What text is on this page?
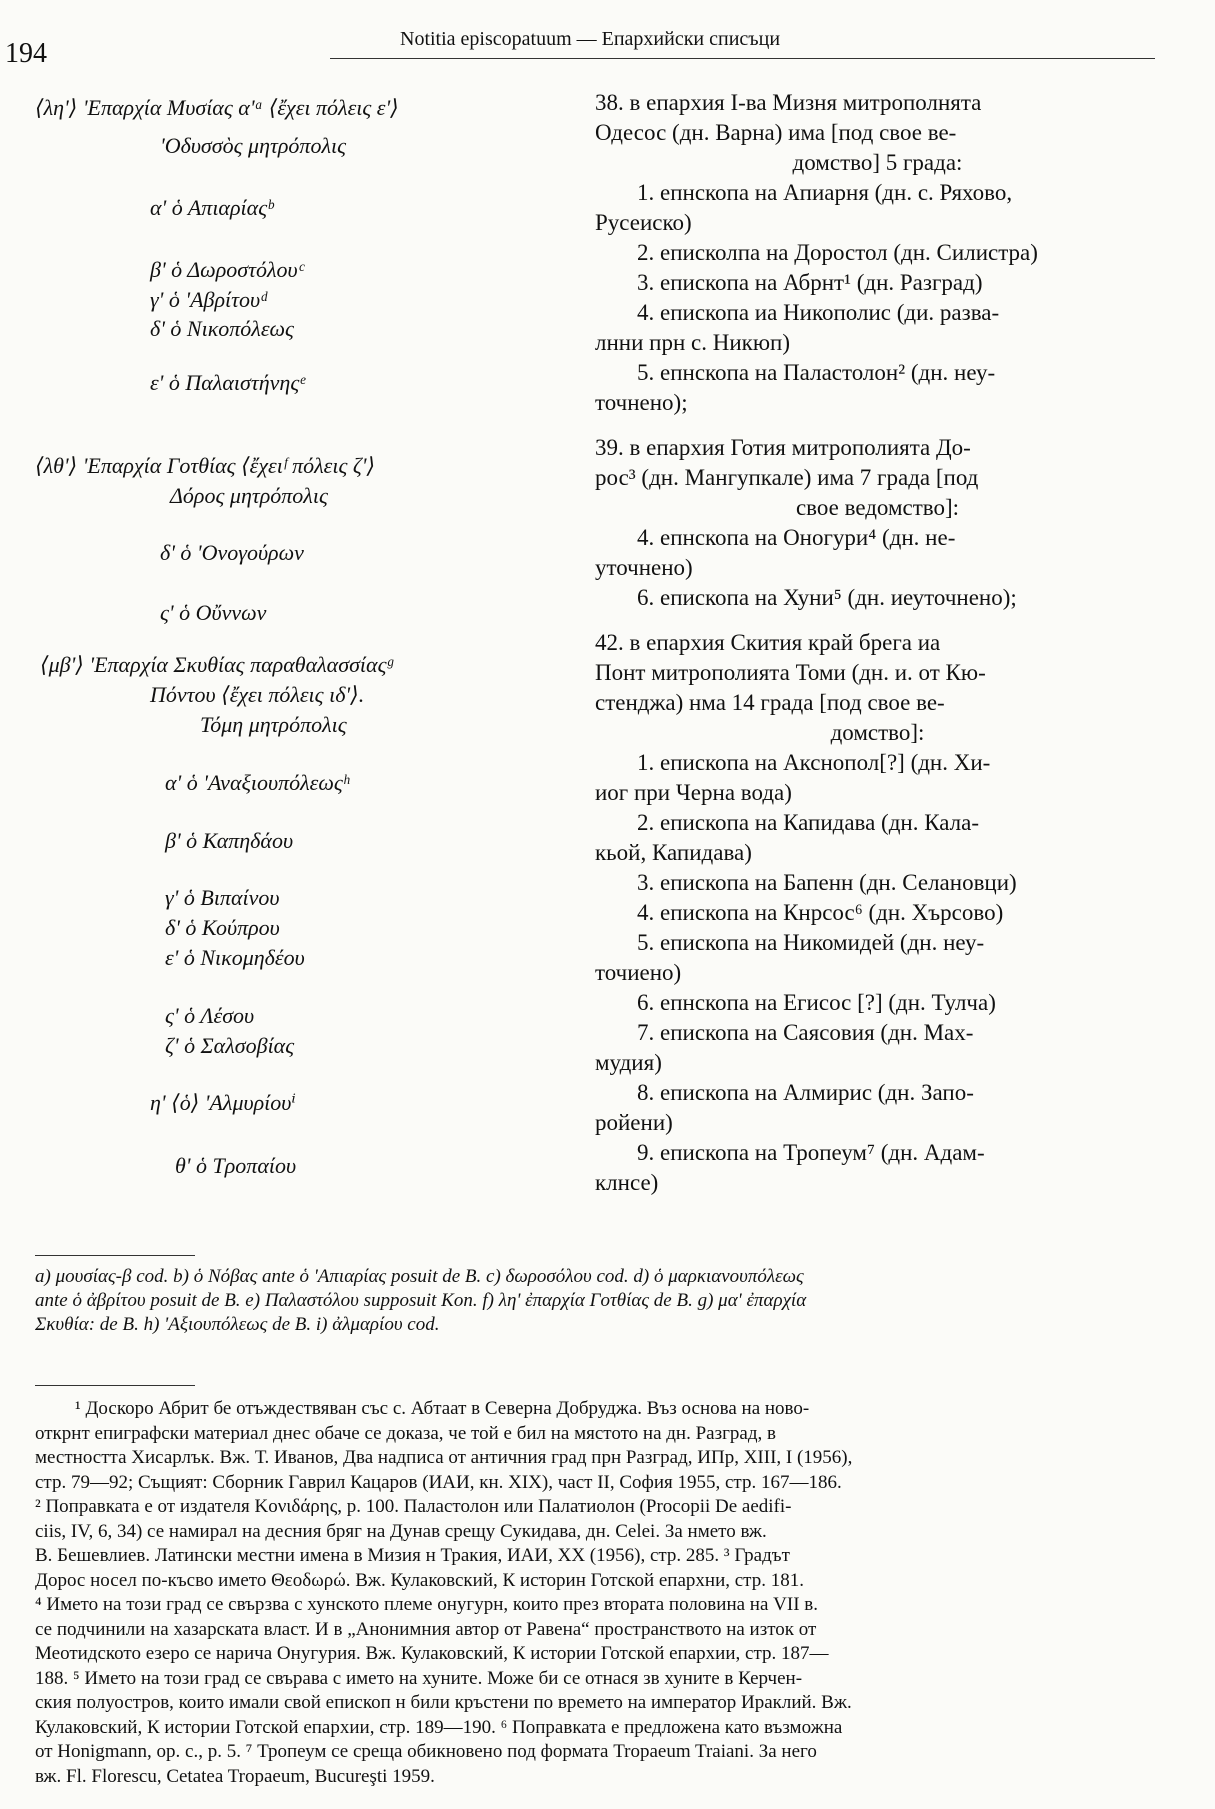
194	Notitia episcopatuum — Епархийски списъци
⟨λη'⟩ 'Επαρχία Μυσίας α'ᵃ ⟨ἔχει πόλεις ε'⟩
'Οδυσσὸς μητρόπολις
α' ὁ Απιαρίαςᵇ
β' ὁ Δωροστόλουᶜ
γ' ὁ 'Αβρίτουᵈ
δ' ὁ Νικοπόλεως
ε' ὁ Παλαιστήνηςᵉ
⟨λθ'⟩ 'Επαρχία Γοτθίας ⟨ἔχειᶠ πόλεις ζ'⟩
Δόρος μητρόπολις
δ' ὁ 'Ονογούρων
ς' ὁ Οὔννων
⟨μβ'⟩ 'Επαρχία Σκυθίας παραθαλασσίαςᵍ
Πόντου ⟨ἔχει πόλεις ιδ'⟩.
Τόμη μητρόπολις
α' ὁ 'Αναξιουπόλεωςʰ
β' ὁ Καπηδάου
γ' ὁ Βιπαίνου
δ' ὁ Κούπρου
ε' ὁ Νικομηδέου
ς' ὁ Λέσου
ζ' ὁ Σαλσοβίας
η' ⟨ὁ⟩ 'Αλμυρίουⁱ
θ' ὁ Τροπαίου
38. в епархия I-ва Мизня митрополнята
Одесос (дн. Варна) има [под свое ве-
домство] 5 града:
1. епнскопа на Апиарня (дн. с. Ряхово,
Русеиско)
2. еписколпа на Доростол (дн. Силистра)
3. епископа на Абрнт¹ (дн. Разград)
4. епископа иа Никополис (ди. разва-
лнни прн с. Никюп)
5. епнскопа на Паластолон² (дн. неу-
точнено);
39. в епархия Готия митрополията До-
рос³ (дн. Мангупкале) има 7 града [под
свое ведомство]:
4. епнскопа на Оногури⁴ (дн. не-
уточнено)
6. епископа на Хуни⁵ (дн. иеуточнено);
42. в епархия Скития край брега иа
Понт митрополията Томи (дн. и. от Кю-
стенджа) нма 14 града [под свое ве-
домство]:
1. епископа на Акснопол[?] (дн. Хи-
иог при Черна вода)
2. епископа на Капидава (дн. Кала-
кьой, Капидава)
3. епископа на Бапенн (дн. Селановци)
4. епископа на Кнрсос⁶ (дн. Хърсово)
5. епископа на Никомидей (дн. неу-
точиено)
6. епнскопа на Егисос [?] (дн. Тулча)
7. епископа на Саясовия (дн. Мах-
мудия)
8. епископа на Алмирис (дн. Запо-
ройени)
9. епископа на Тропеум⁷ (дн. Адам-
клнсе)
a) μουσίας-β cod. b) ὁ Νόβας ante ὁ 'Απιαρίας posuit de B. c) δωροσόλου cod. d) ὁ μαρκιανουπόλεως
ante ὁ ἀβρίτου posuit de B. e) Παλαστόλου supposuit Kon. f) λη' ἐπαρχία Γοτθίας de B. g) μα' ἐπαρχία
Σκυθία: de B. h) 'Αξιουπόλεως de B. i) ἀλμαρίου cod.
¹ Доскоро Абрит бе отъждествяван със с. Абтаат в Северна Добруджа. Въз основа на ново-
открнт епиграфски материал днес обаче се доказа, че той е бил на мястото на дн. Разград, в
местността Хисарлък. Вж. Т. Иванов, Два надписа от античния град прн Разград, ИПр, XIII, I (1956),
стр. 79—92; Същият: Сборник Гаврил Кацаров (ИАИ, кн. XIX), част II, София 1955, стр. 167—186.
² Поправката е от издателя Κονιδάρης, p. 100. Паластолон или Палатиолон (Procopii De aedifi-
ciis, IV, 6, 34) се намирал на десния бряг на Дунав срещу Сукидава, дн. Celei. За нмето вж.
В. Бешевлиев. Латински местни имена в Мизия н Тракия, ИАИ, XX (1956), стр. 285. ³ Градът
Дорос носел по-късво името Θεοδωρώ. Вж. Кулаковский, К историн Готской епархни, стр. 181.
⁴ Името на този град се свързва с хунското племе онугурн, които през втората половина на VII в.
се подчинили на хазарската власт. И в „Анонимния автор от Равена“ пространството на изток от
Меотидското езеро се нарича Онугурия. Вж. Кулаковский, К истории Готской епархии, стр. 187—
188. ⁵ Името на този град се свърава с името на хуните. Може би се отнася зв хуните в Керчен-
ския полуостров, които имали свой епископ н били кръстени по времето на император Ираклий. Вж.
Кулаковский, К истории Готской епархии, стр. 189—190. ⁶ Поправката е предложена като възможна
от Honigmann, op. c., p. 5. ⁷ Тропеум се среща обикновено под формата Tropaeum Traiani. За него
вж. Fl. Florescu, Cetatea Tropaeum, Bucureşti 1959.
